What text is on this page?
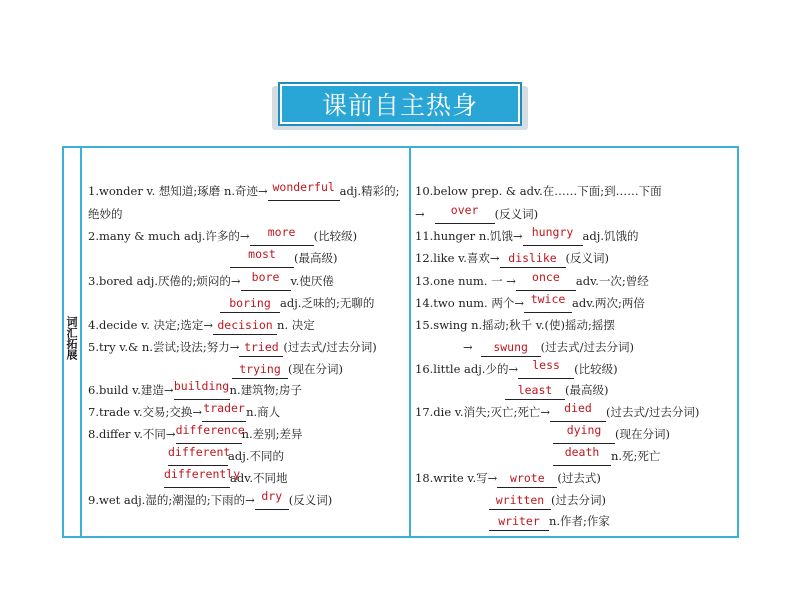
课前自主热身
词汇拓展
1.wonder v. 想知道;琢磨 n.奇迹→ wonderful adj.精彩的;
绝妙的
2.many & much adj.许多的→ more (比较级)
most (最高级)
3.bored adj.厌倦的;烦闷的→ bore v.使厌倦
boring adj.乏味的;无聊的
4.decide v. 决定;选定→ decision n. 决定
5.try v.& n.尝试;设法;努力→ tried (过去式/过去分词)
trying (现在分词)
6.build v.建造→buildingn.建筑物;房子
7.trade v.交易;交换→tradern.商人
8.differ v.不同→differencen.差别;差异
differentadj.不同的
differentlyadv.不同地
9.wet adj.湿的;潮湿的;下雨的→ dry (反义词)
10.below prep. & adv.在……下面;到……下面
→ over (反义词)
11.hunger n.饥饿→ hungry adj.饥饿的
12.like v.喜欢→ dislike (反义词)
13.one num. 一 → once adv.一次;曾经
14.two num. 两个→ twice adv.两次;两倍
15.swing n.摇动;秋千 v.(使)摇动;摇摆
→ swung (过去式/过去分词)
16.little adj.少的→ less (比较级)
least (最高级)
17.die v.消失;灭亡;死亡→ died (过去式/过去分词)
dying (现在分词)
death n.死;死亡
18.write v.写→ wrote (过去式)
written (过去分词)
writer n.作者;作家
